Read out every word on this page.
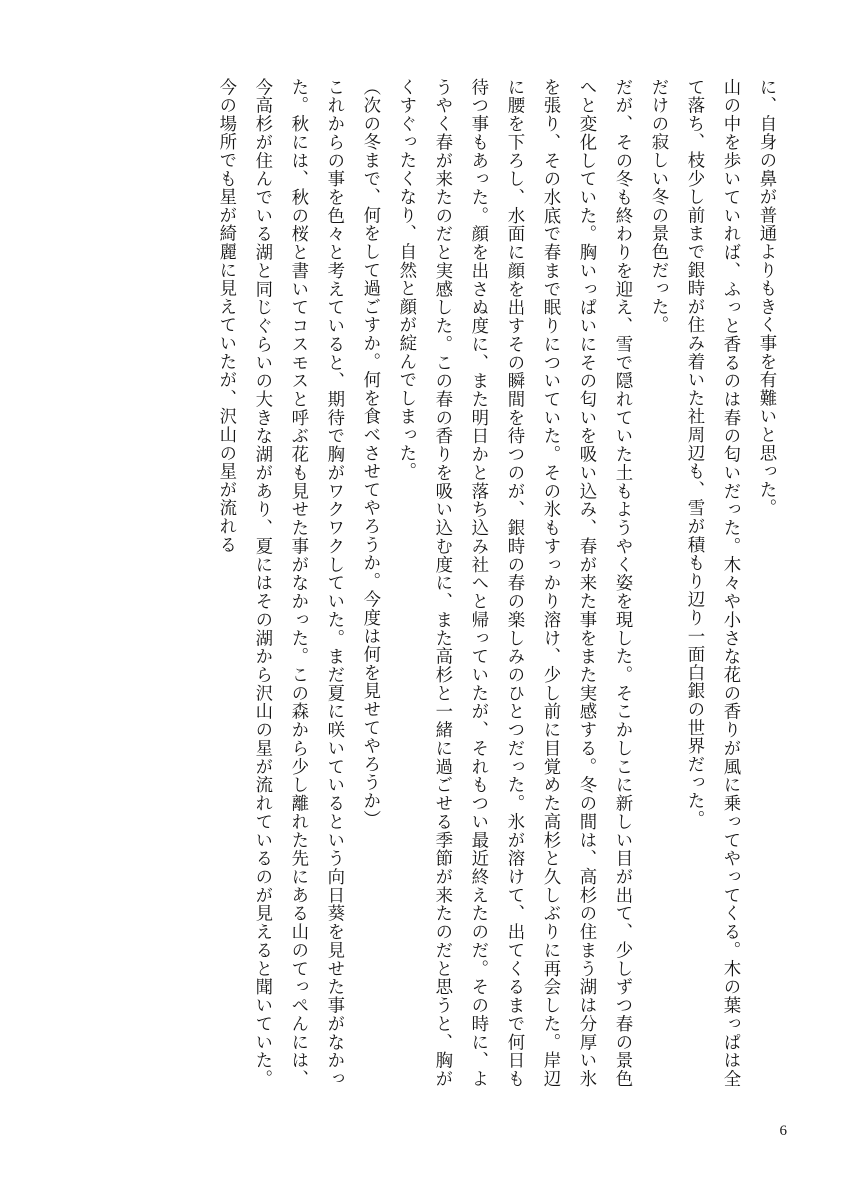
に、自身の鼻が普通よりもきく事を有難いと思った。

山の中を歩いていれば、ふっと香るのは春の匂いだった。木々や小さな花の香りが風に乗ってやってくる。木の葉っぱは全て落ち、枝少し前まで銀時が住み着いた社周辺も、雪が積もり辺り一面白銀の世界だった。

だけの寂しい冬の景色だった。

だが、その冬も終わりを迎え、雪で隠れていた土もようやく姿を現した。そこかしこに新しい目が出て、少しずつ春の景色へと変化していた。胸いっぱいにその匂いを吸い込み、春が来た事をまた実感する。冬の間は、高杉の住まう湖は分厚い氷を張り、その水底で春まで眠りについていた。その氷もすっかり溶け、少し前に目覚めた高杉と久しぶりに再会した。岸辺に腰を下ろし、水面に顔を出すその瞬間を待つのが、銀時の春の楽しみのひとつだった。氷が溶けて、出てくるまで何日も待つ事もあった。顔を出さぬ度に、また明日かと落ち込み社へと帰っていたが、それもつい最近終えたのだ。その時に、ようやく春が来たのだと実感した。この春の香りを吸い込む度に、また高杉と一緒に過ごせる季節が来たのだと思うと、胸がくすぐったくなり、自然と顔が綻んでしまった。

（次の冬まで、何をして過ごすか。何を食べさせてやろうか。今度は何を見せてやろうか）

これからの事を色々と考えていると、期待で胸がワクワクしていた。まだ夏に咲いているという向日葵を見せた事がなかった。秋には、秋の桜と書いてコスモスと呼ぶ花も見せた事がなかった。この森から少し離れた先にある山のてっぺんには、今高杉が住んでいる湖と同じぐらいの大きな湖があり、夏にはその湖から沢山の星が流れているのが見えると聞いていた。今の場所でも星が綺麗に見えていたが、沢山の星が流れる

6
